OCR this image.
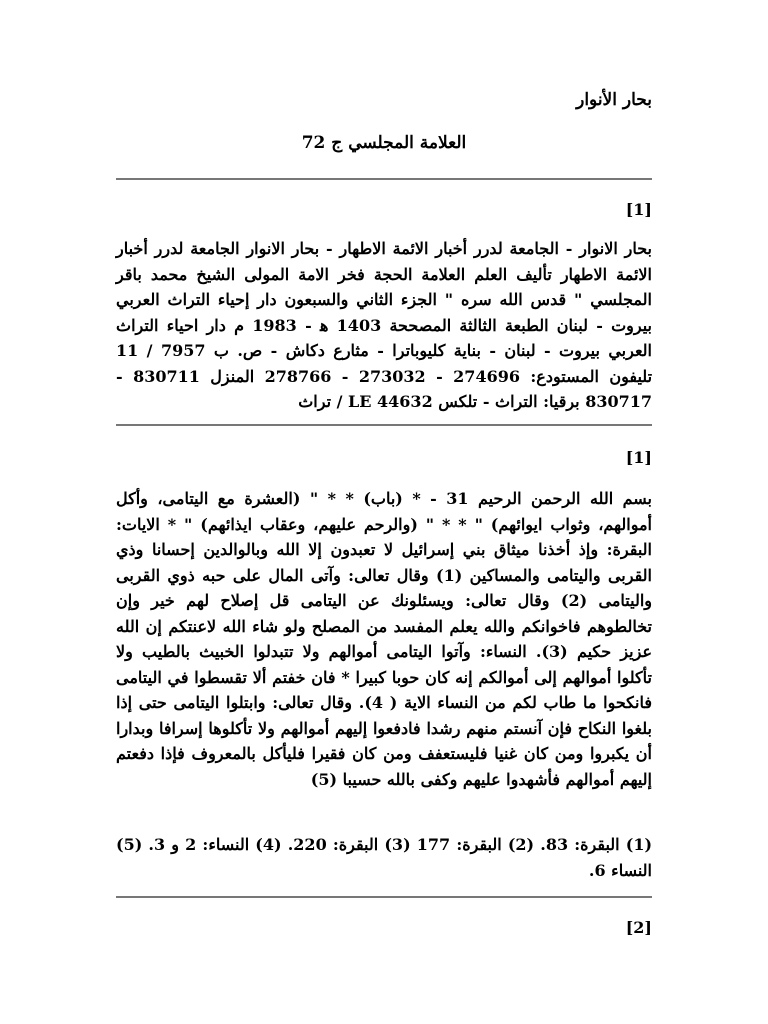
بحار الأنوار
العلامة المجلسي ج 72
[1]

بحار الانوار - الجامعة لدرر أخبار الائمة الاطهار - بحار الانوار الجامعة لدرر أخبار الائمة الاطهار تأليف العلم العلامة الحجة فخر الامة المولى الشيخ محمد باقر المجلسي " قدس الله سره " الجزء الثاني والسبعون دار إحياء التراث العربي بيروت - لبنان الطبعة الثالثة المصححة 1403 ه‍ - 1983 م دار احياء التراث العربي بيروت - لبنان - بناية كليوباترا - مثارع دكاش - ص. ب 7957 / 11 تليفون المستودع: 274696 - 273032 - 278766 المنزل 830711 - 830717 برقيا: التراث - تلكس LE 44632 / تراث

[1]

بسم الله الرحمن الرحيم 31 - * (باب) * * " (العشرة مع اليتامى، وأكل أموالهم، وثواب ايوائهم) " * * " (والرحم عليهم، وعقاب ايذائهم) " * الايات: البقرة: وإذ أخذنا ميثاق بني إسرائيل لا تعبدون إلا الله وبالوالدين إحسانا وذي القربى واليتامى والمساكين (1) وقال تعالى: وآتى المال على حبه ذوي القربى واليتامى (2) وقال تعالى: ويسئلونك عن اليتامى قل إصلاح لهم خير وإن تخالطوهم فاخوانكم والله يعلم المفسد من المصلح ولو شاء الله لاعنتكم إن الله عزيز حكيم (3). النساء: وآتوا اليتامى أموالهم ولا تتبدلوا الخبيث بالطيب ولا تأكلوا أموالهم إلى أموالكم إنه كان حوبا كبيرا * فان خفتم ألا تقسطوا في اليتامى فانكحوا ما طاب لكم من النساء الاية ( 4). وقال تعالى: وابتلوا اليتامى حتى إذا بلغوا النكاح فإن آنستم منهم رشدا فادفعوا إليهم أموالهم ولا تأكلوها إسرافا وبدارا أن يكبروا ومن كان غنيا فليستعفف ومن كان فقيرا فليأكل بالمعروف فإذا دفعتم إليهم أموالهم فأشهدوا عليهم وكفى بالله حسيبا (5)

(1) البقرة: 83. (2) البقرة: 177 (3) البقرة: 220. (4) النساء: 2 و 3. (5) النساء 6.

[2]
